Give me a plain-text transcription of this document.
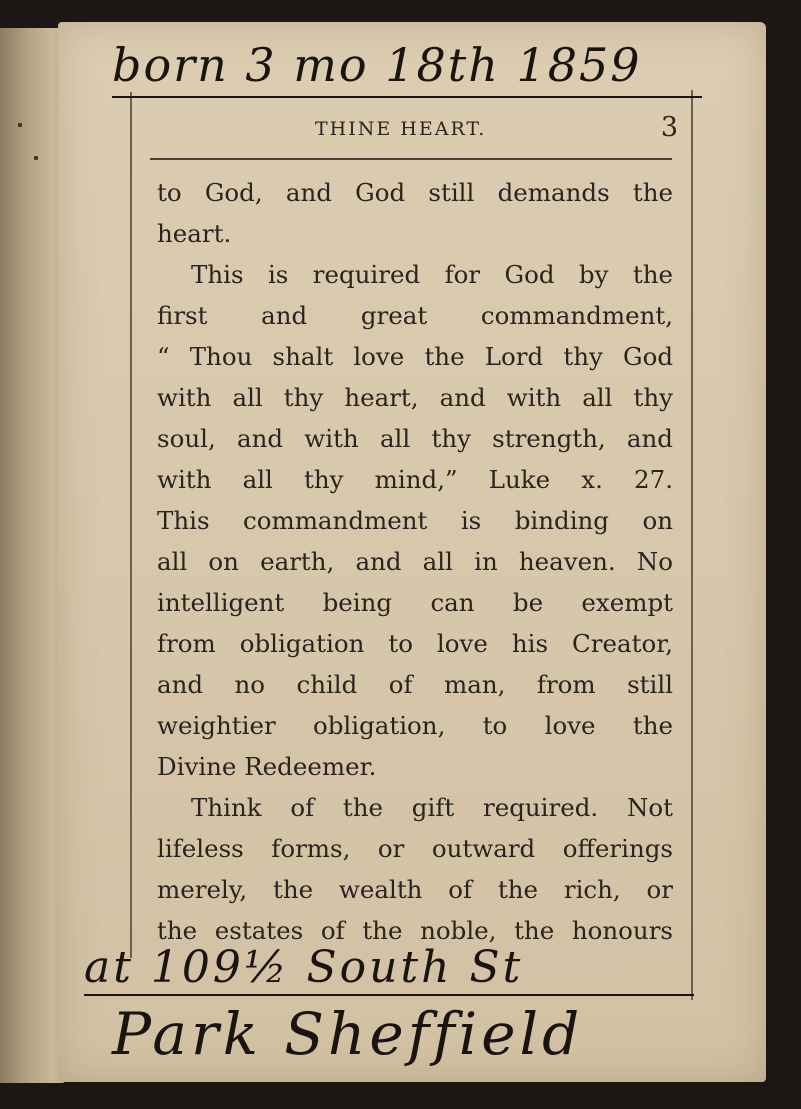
born 3 mo 18th 1859
THINE HEART.	3
to God, and God still demands the
heart.
This is required for God by the
first and great commandment,
“ Thou shalt love the Lord thy God
with all thy heart, and with all thy
soul, and with all thy strength, and
with all thy mind,” Luke x. 27.
This commandment is binding on
all on earth, and all in heaven. No
intelligent being can be exempt
from obligation to love his Creator,
and no child of man, from still
weightier obligation, to love the
Divine Redeemer.
Think of the gift required. Not
lifeless forms, or outward offerings
merely, the wealth of the rich, or
the estates of the noble, the honours
at 109½ South St
Park Sheffield
